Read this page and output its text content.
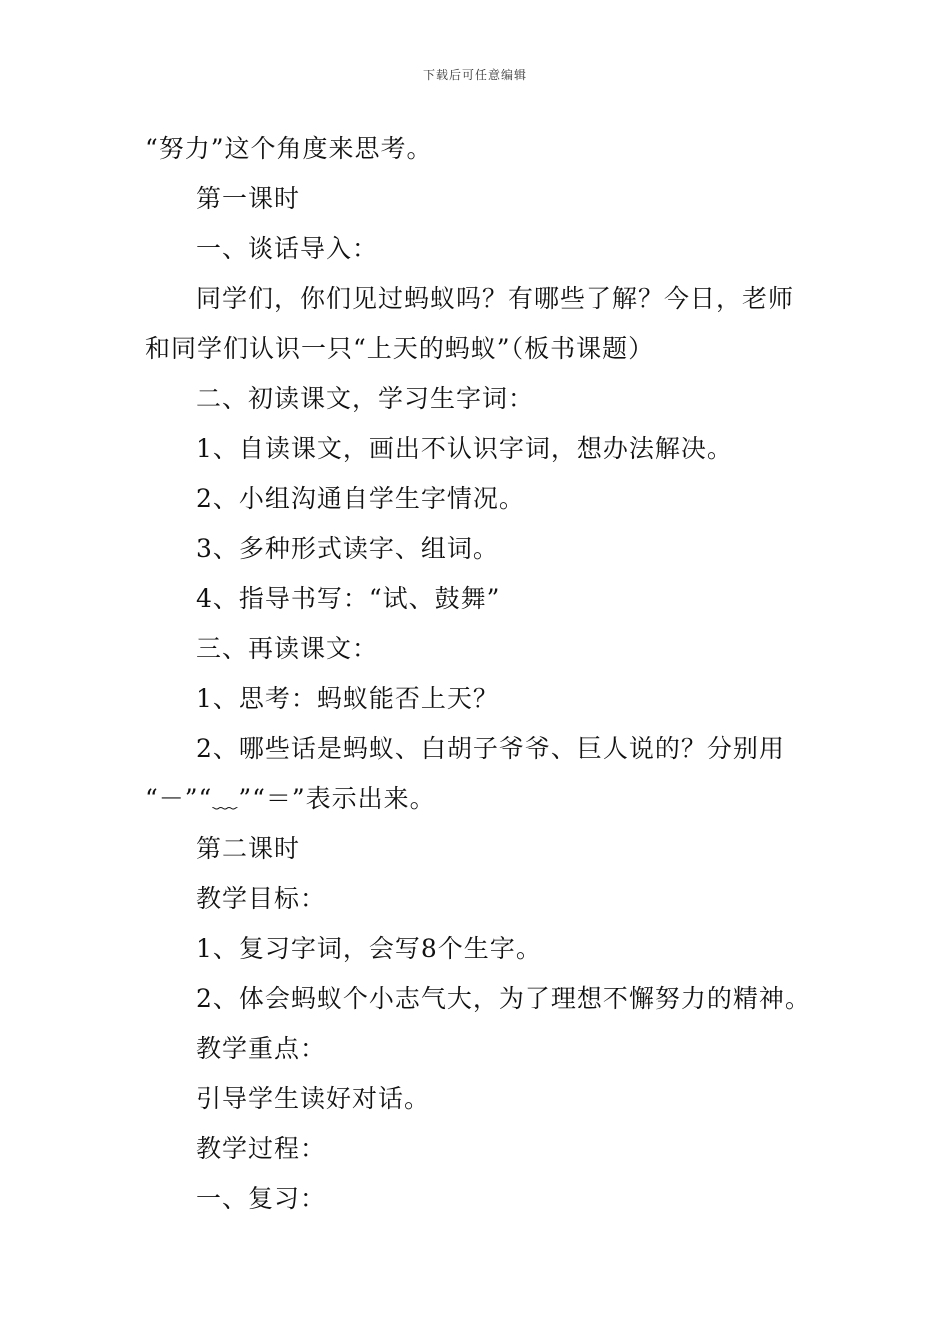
下载后可任意编辑
“努力”这个角度来思考。
第一课时
一、谈话导入：
同学们，你们见过蚂蚁吗？有哪些了解？今日，老师
和同学们认识一只“上天的蚂蚁”（板书课题）
二、初读课文，学习生字词：
1、自读课文，画出不认识字词，想办法解决。
2、小组沟通自学生字情况。
3、多种形式读字、组词。
4、指导书写：“试、鼓舞”
三、再读课文：
1、思考：蚂蚁能否上天？
2、哪些话是蚂蚁、白胡子爷爷、巨人说的？分别用
“－”“﹏”“＝”表示出来。
第二课时
教学目标：
1、复习字词，会写8个生字。
2、体会蚂蚁个小志气大，为了理想不懈努力的精神。
教学重点：
引导学生读好对话。
教学过程：
一、复习：
